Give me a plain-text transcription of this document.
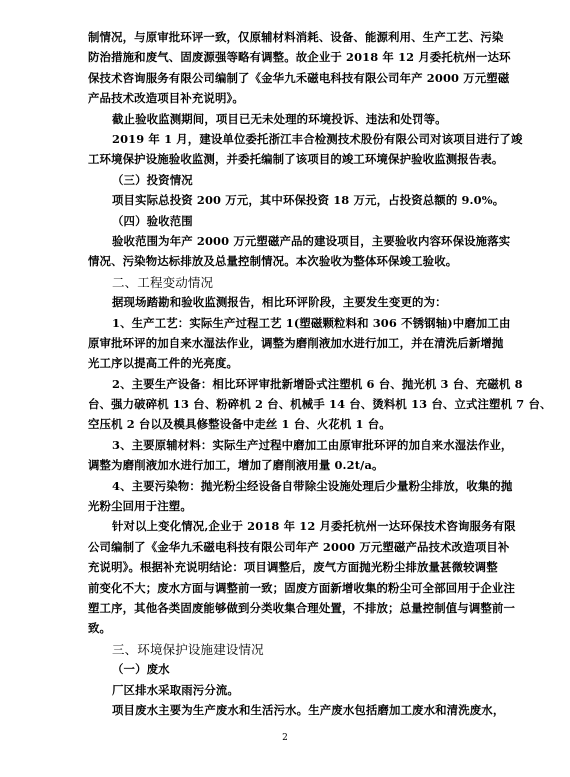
制情况，与原审批环评一致，仅原辅材料消耗、设备、能源利用、生产工艺、污染
防治措施和废气、固废源强等略有调整。故企业于 2018 年 12 月委托杭州一达环
保技术咨询服务有限公司编制了《金华九禾磁电科技有限公司年产 2000 万元塑磁
产品技术改造项目补充说明》。
截止验收监测期间，项目已无未处理的环境投诉、违法和处罚等。
2019 年 1 月，建设单位委托浙江丰合检测技术股份有限公司对该项目进行了竣
工环境保护设施验收监测，并委托编制了该项目的竣工环境保护验收监测报告表。
（三）投资情况
项目实际总投资 200 万元，其中环保投资 18 万元，占投资总额的 9.0%。
（四）验收范围
验收范围为年产 2000 万元塑磁产品的建设项目，主要验收内容环保设施落实
情况、污染物达标排放及总量控制情况。本次验收为整体环保竣工验收。
二、工程变动情况
据现场踏勘和验收监测报告，相比环评阶段，主要发生变更的为：
1、生产工艺：实际生产过程工艺 1(塑磁颗粒料和 306 不锈钢轴)中磨加工由
原审批环评的加自来水湿法作业，调整为磨削液加水进行加工，并在清洗后新增抛
光工序以提高工件的光亮度。
2、主要生产设备：相比环评审批新增卧式注塑机 6 台、抛光机 3 台、充磁机 8
台、强力破碎机 13 台、粉碎机 2 台、机械手 14 台、烫料机 13 台、立式注塑机 7 台、
空压机 2 台以及模具修整设备中走丝 1 台、火花机 1 台。
3、主要原辅材料：实际生产过程中磨加工由原审批环评的加自来水湿法作业，
调整为磨削液加水进行加工，增加了磨削液用量 0.2t/a。
4、主要污染物：抛光粉尘经设备自带除尘设施处理后少量粉尘排放，收集的抛
光粉尘回用于注塑。
针对以上变化情况,企业于 2018 年 12 月委托杭州一达环保技术咨询服务有限
公司编制了《金华九禾磁电科技有限公司年产 2000 万元塑磁产品技术改造项目补
充说明》。根据补充说明结论：项目调整后，废气方面抛光粉尘排放量甚微较调整
前变化不大；废水方面与调整前一致；固废方面新增收集的粉尘可全部回用于企业注
塑工序，其他各类固废能够做到分类收集合理处置，不排放；总量控制值与调整前一
致。
三、环境保护设施建设情况
（一）废水
2
厂区排水采取雨污分流。
项目废水主要为生产废水和生活污水。生产废水包括磨加工废水和清洗废水，
